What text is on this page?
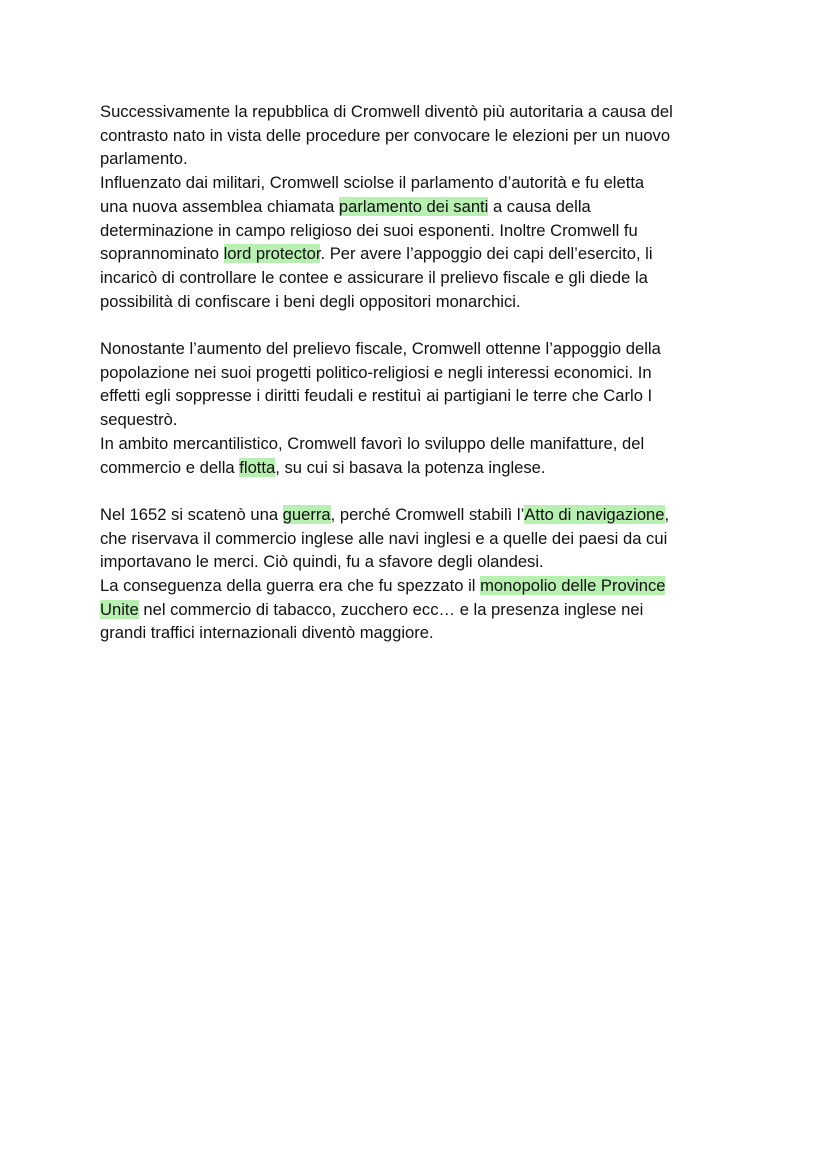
Successivamente la repubblica di Cromwell diventò più autoritaria a causa del
contrasto nato in vista delle procedure per convocare le elezioni per un nuovo
parlamento.
Influenzato dai militari, Cromwell sciolse il parlamento d’autorità e fu eletta
una nuova assemblea chiamata parlamento dei santi a causa della
determinazione in campo religioso dei suoi esponenti. Inoltre Cromwell fu
soprannominato lord protector. Per avere l’appoggio dei capi dell’esercito, li
incaricò di controllare le contee e assicurare il prelievo fiscale e gli diede la
possibilità di confiscare i beni degli oppositori monarchici.
Nonostante l’aumento del prelievo fiscale, Cromwell ottenne l’appoggio della
popolazione nei suoi progetti politico-religiosi e negli interessi economici. In
effetti egli soppresse i diritti feudali e restituì ai partigiani le terre che Carlo I
sequestrò.
In ambito mercantilistico, Cromwell favorì lo sviluppo delle manifatture, del
commercio e della flotta, su cui si basava la potenza inglese.
Nel 1652 si scatenò una guerra, perché Cromwell stabilì l’Atto di navigazione,
che riservava il commercio inglese alle navi inglesi e a quelle dei paesi da cui
importavano le merci. Ciò quindi, fu a sfavore degli olandesi.
La conseguenza della guerra era che fu spezzato il monopolio delle Province
Unite nel commercio di tabacco, zucchero ecc… e la presenza inglese nei
grandi traffici internazionali diventò maggiore.
